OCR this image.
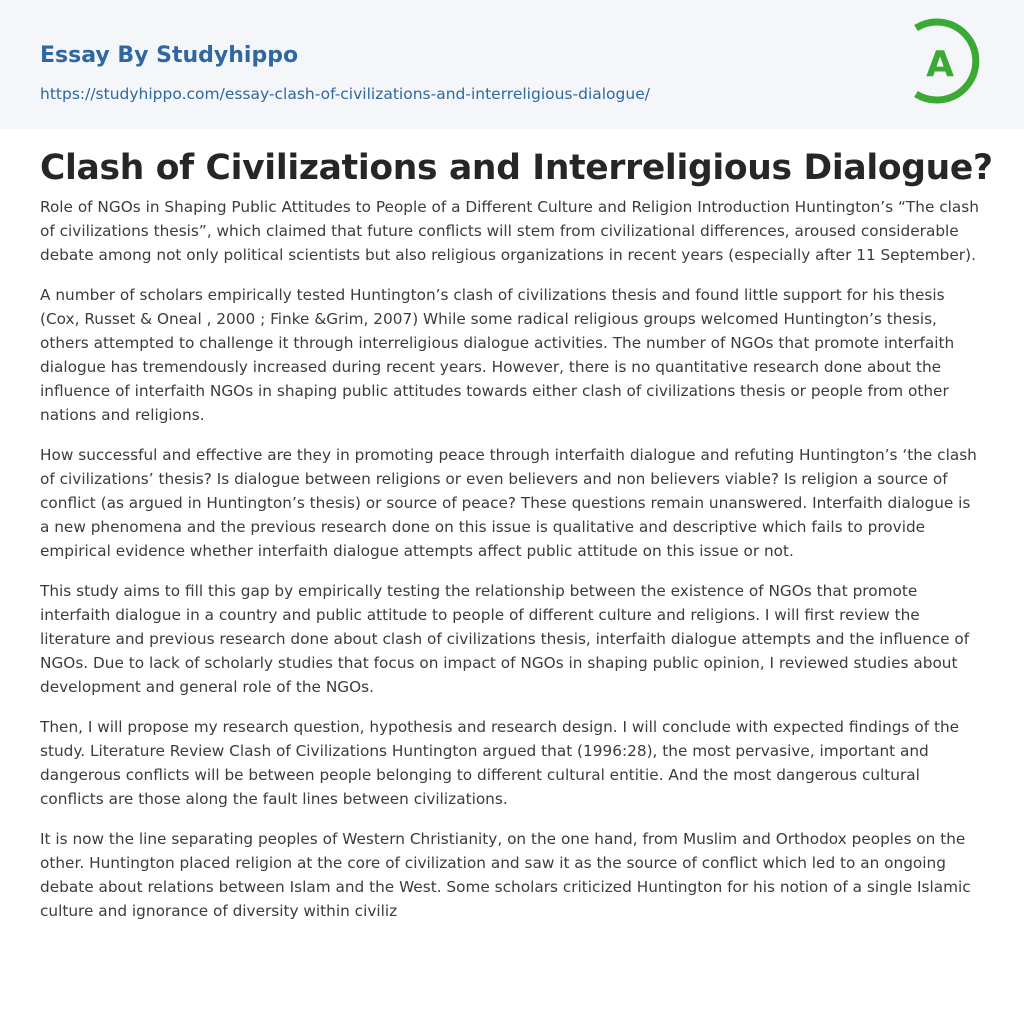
Essay By Studyhippo
https://studyhippo.com/essay-clash-of-civilizations-and-interreligious-dialogue/
A
Clash of Civilizations and Interreligious Dialogue?

Role of NGOs in Shaping Public Attitudes to People of a Different Culture and Religion Introduction Huntington’s “The clash of civilizations thesis”, which claimed that future conflicts will stem from civilizational differences, aroused considerable debate among not only political scientists but also religious organizations in recent years (especially after 11 September).

A number of scholars empirically tested Huntington’s clash of civilizations thesis and found little support for his thesis (Cox, Russet & Oneal , 2000 ; Finke &Grim, 2007) While some radical religious groups welcomed Huntington’s thesis, others attempted to challenge it through interreligious dialogue activities. The number of NGOs that promote interfaith dialogue has tremendously increased during recent years. However, there is no quantitative research done about the influence of interfaith NGOs in shaping public attitudes towards either clash of civilizations thesis or people from other nations and religions.

How successful and effective are they in promoting peace through interfaith dialogue and refuting Huntington’s ‘the clash of civilizations’ thesis? Is dialogue between religions or even believers and non believers viable? Is religion a source of conflict (as argued in Huntington’s thesis) or source of peace? These questions remain unanswered. Interfaith dialogue is a new phenomena and the previous research done on this issue is qualitative and descriptive which fails to provide empirical evidence whether interfaith dialogue attempts affect public attitude on this issue or not.

This study aims to fill this gap by empirically testing the relationship between the existence of NGOs that promote interfaith dialogue in a country and public attitude to people of different culture and religions. I will first review the literature and previous research done about clash of civilizations thesis, interfaith dialogue attempts and the influence of NGOs. Due to lack of scholarly studies that focus on impact of NGOs in shaping public opinion, I reviewed studies about development and general role of the NGOs.

Then, I will propose my research question, hypothesis and research design. I will conclude with expected findings of the study. Literature Review Clash of Civilizations Huntington argued that (1996:28), the most pervasive, important and dangerous conflicts will be between people belonging to different cultural entitie. And the most dangerous cultural conflicts are those along the fault lines between civilizations.

It is now the line separating peoples of Western Christianity, on the one hand, from Muslim and Orthodox peoples on the other. Huntington placed religion at the core of civilization and saw it as the source of conflict which led to an ongoing debate about relations between Islam and the West. Some scholars criticized Huntington for his notion of a single Islamic culture and ignorance of diversity within civiliz
